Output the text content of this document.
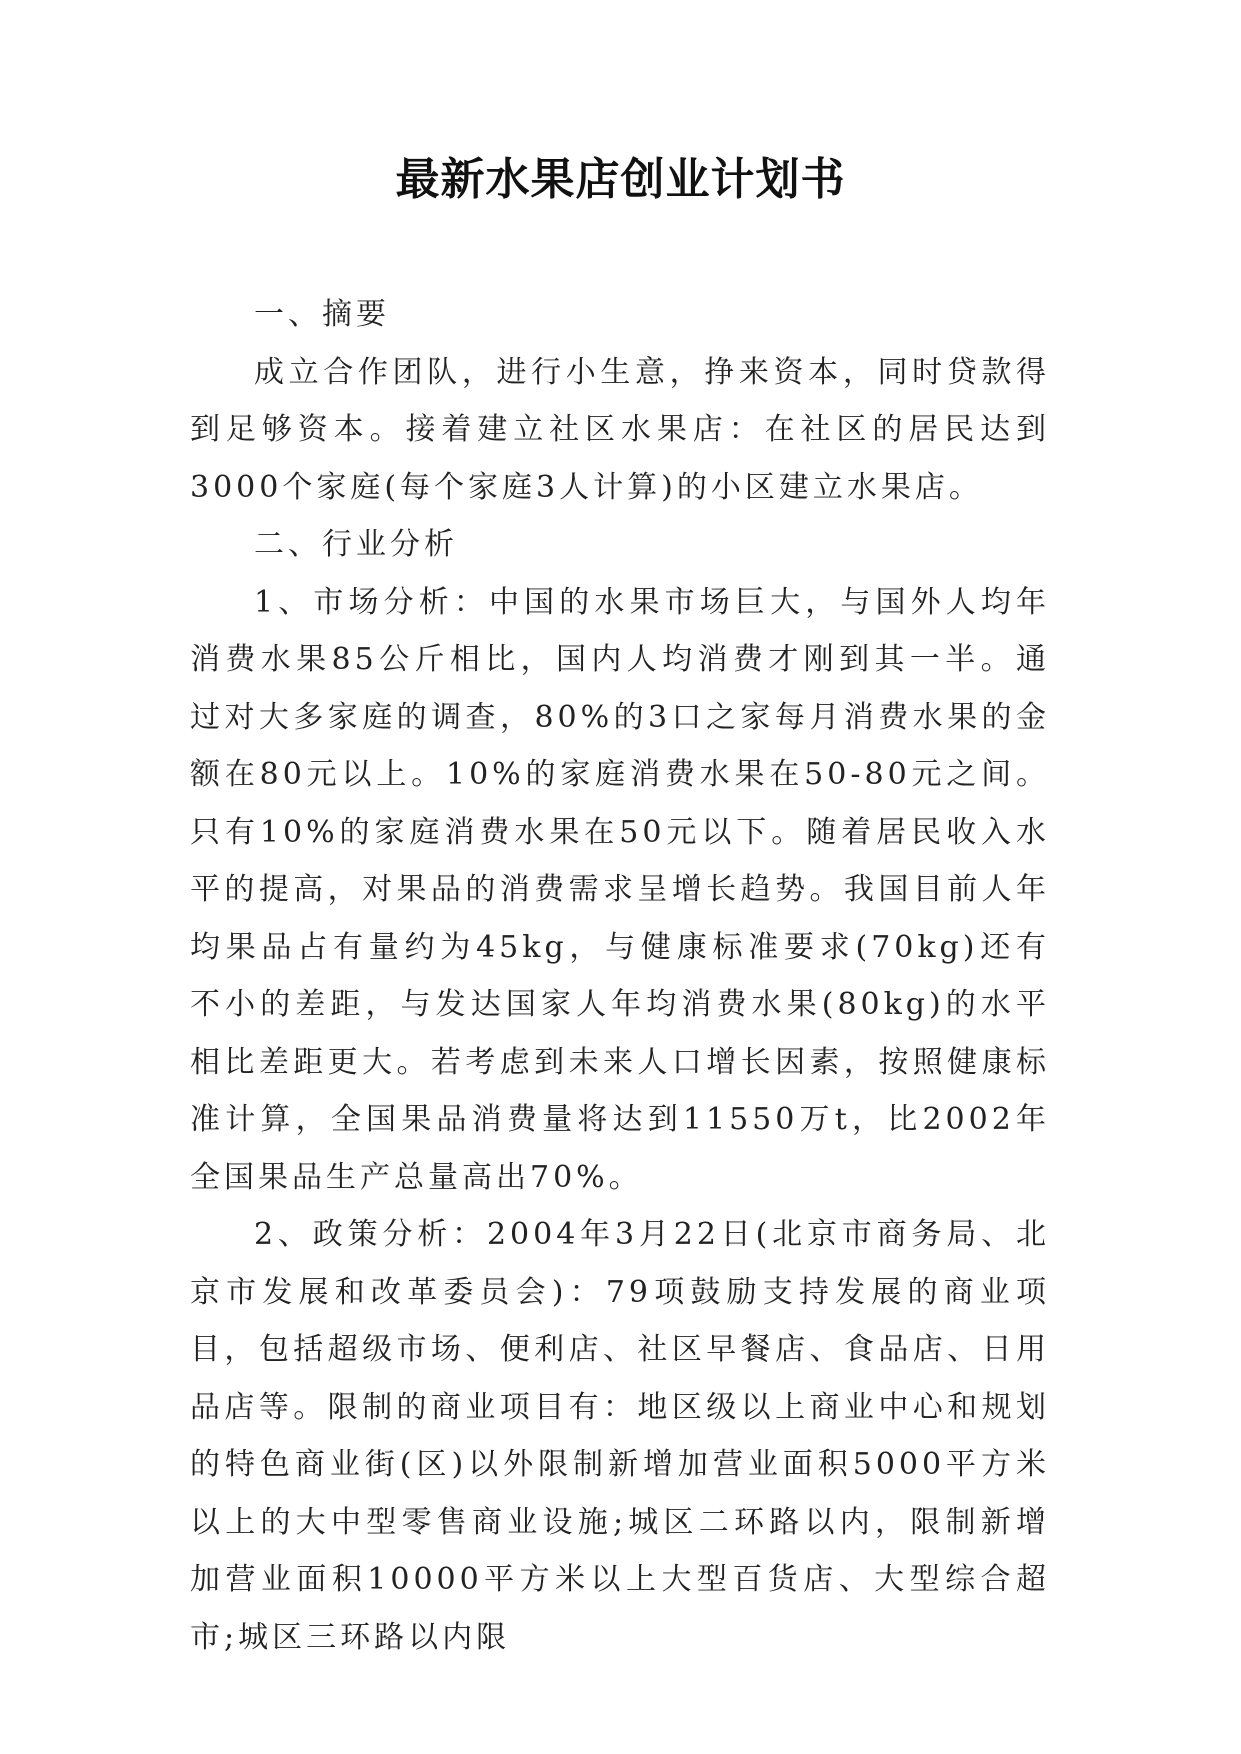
最新水果店创业计划书

一、摘要

成立合作团队，进行小生意，挣来资本，同时贷款得到足够资本。接着建立社区水果店：在社区的居民达到3000个家庭(每个家庭3人计算)的小区建立水果店。

二、行业分析

1、市场分析：中国的水果市场巨大，与国外人均年消费水果85公斤相比，国内人均消费才刚到其一半。通过对大多家庭的调查，80%的3口之家每月消费水果的金额在80元以上。10%的家庭消费水果在50-80元之间。只有10%的家庭消费水果在50元以下。随着居民收入水平的提高，对果品的消费需求呈增长趋势。我国目前人年均果品占有量约为45kg，与健康标准要求(70kg)还有不小的差距，与发达国家人年均消费水果(80kg)的水平相比差距更大。若考虑到未来人口增长因素，按照健康标准计算，全国果品消费量将达到11550万t，比2002年全国果品生产总量高出70%。

2、政策分析：2004年3月22日(北京市商务局、北京市发展和改革委员会)：79项鼓励支持发展的商业项目，包括超级市场、便利店、社区早餐店、食品店、日用品店等。限制的商业项目有：地区级以上商业中心和规划的特色商业街(区)以外限制新增加营业面积5000平方米以上的大中型零售商业设施;城区二环路以内，限制新增加营业面积10000平方米以上大型百货店、大型综合超市;城区三环路以内限
